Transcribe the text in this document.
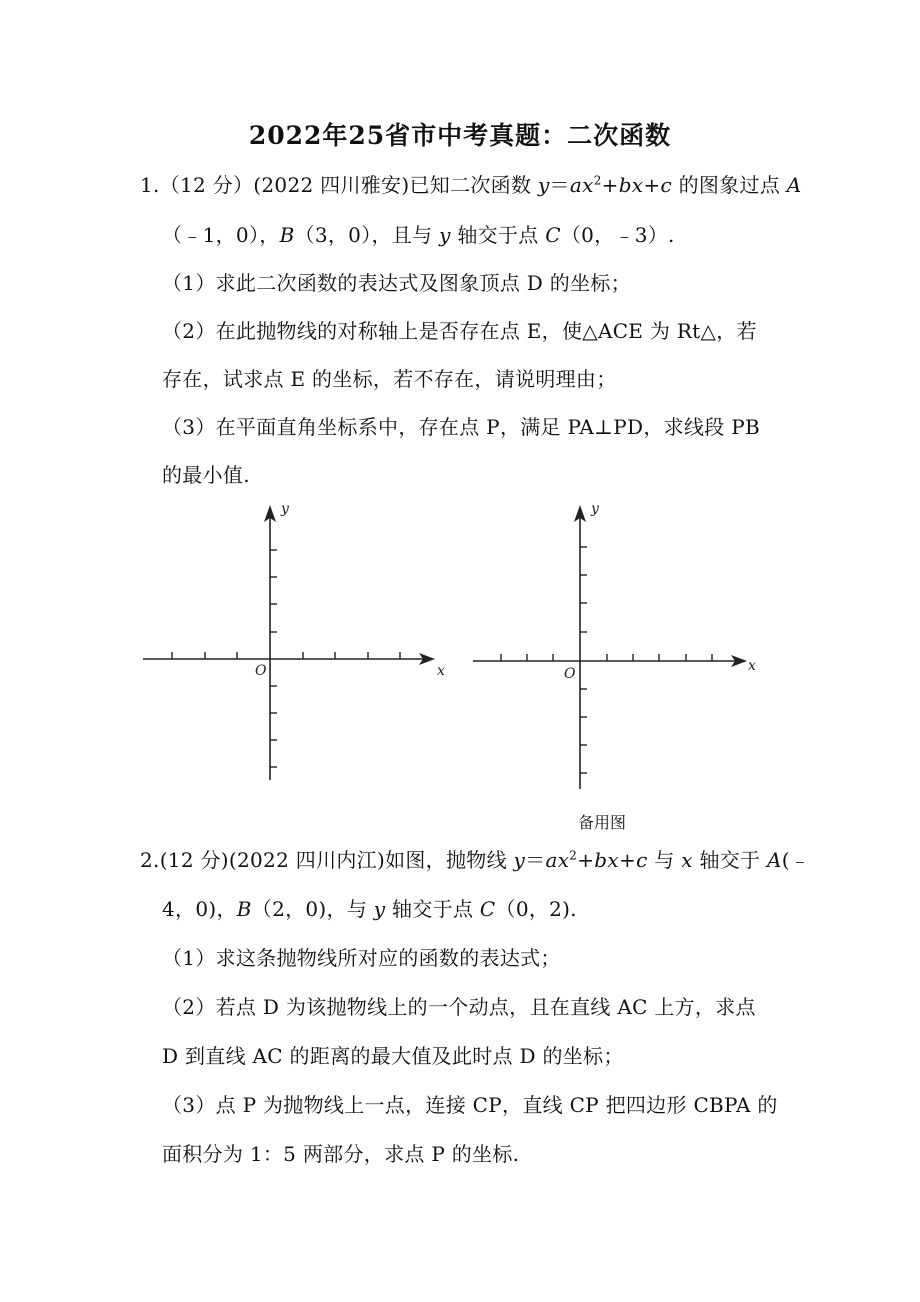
2022年25省市中考真题：二次函数
1.（12 分）(2022 四川雅安)已知二次函数 $y=ax^2+bx+c$ 的图象过点 A
（﹣1，0），B（3，0），且与 y 轴交于点 C（0，﹣3）.
（1）求此二次函数的表达式及图象顶点 D 的坐标；
（2）在此抛物线的对称轴上是否存在点 E，使△ACE 为 Rt△，若
存在，试求点 E 的坐标，若不存在，请说明理由；
（3）在平面直角坐标系中，存在点 P，满足 PA⊥PD，求线段 PB
的最小值.
y
x
O
y
x
O
备用图
2.(12 分)(2022 四川内江)如图，抛物线 $y=ax^2+bx+c$ 与 x 轴交于 A(﹣
4，0)，B（2，0)，与 y 轴交于点 C（0，2).
（1）求这条抛物线所对应的函数的表达式；
（2）若点 D 为该抛物线上的一个动点，且在直线 AC 上方，求点
D 到直线 AC 的距离的最大值及此时点 D 的坐标；
（3）点 P 为抛物线上一点，连接 CP，直线 CP 把四边形 CBPA 的
面积分为 1：5 两部分，求点 P 的坐标.
